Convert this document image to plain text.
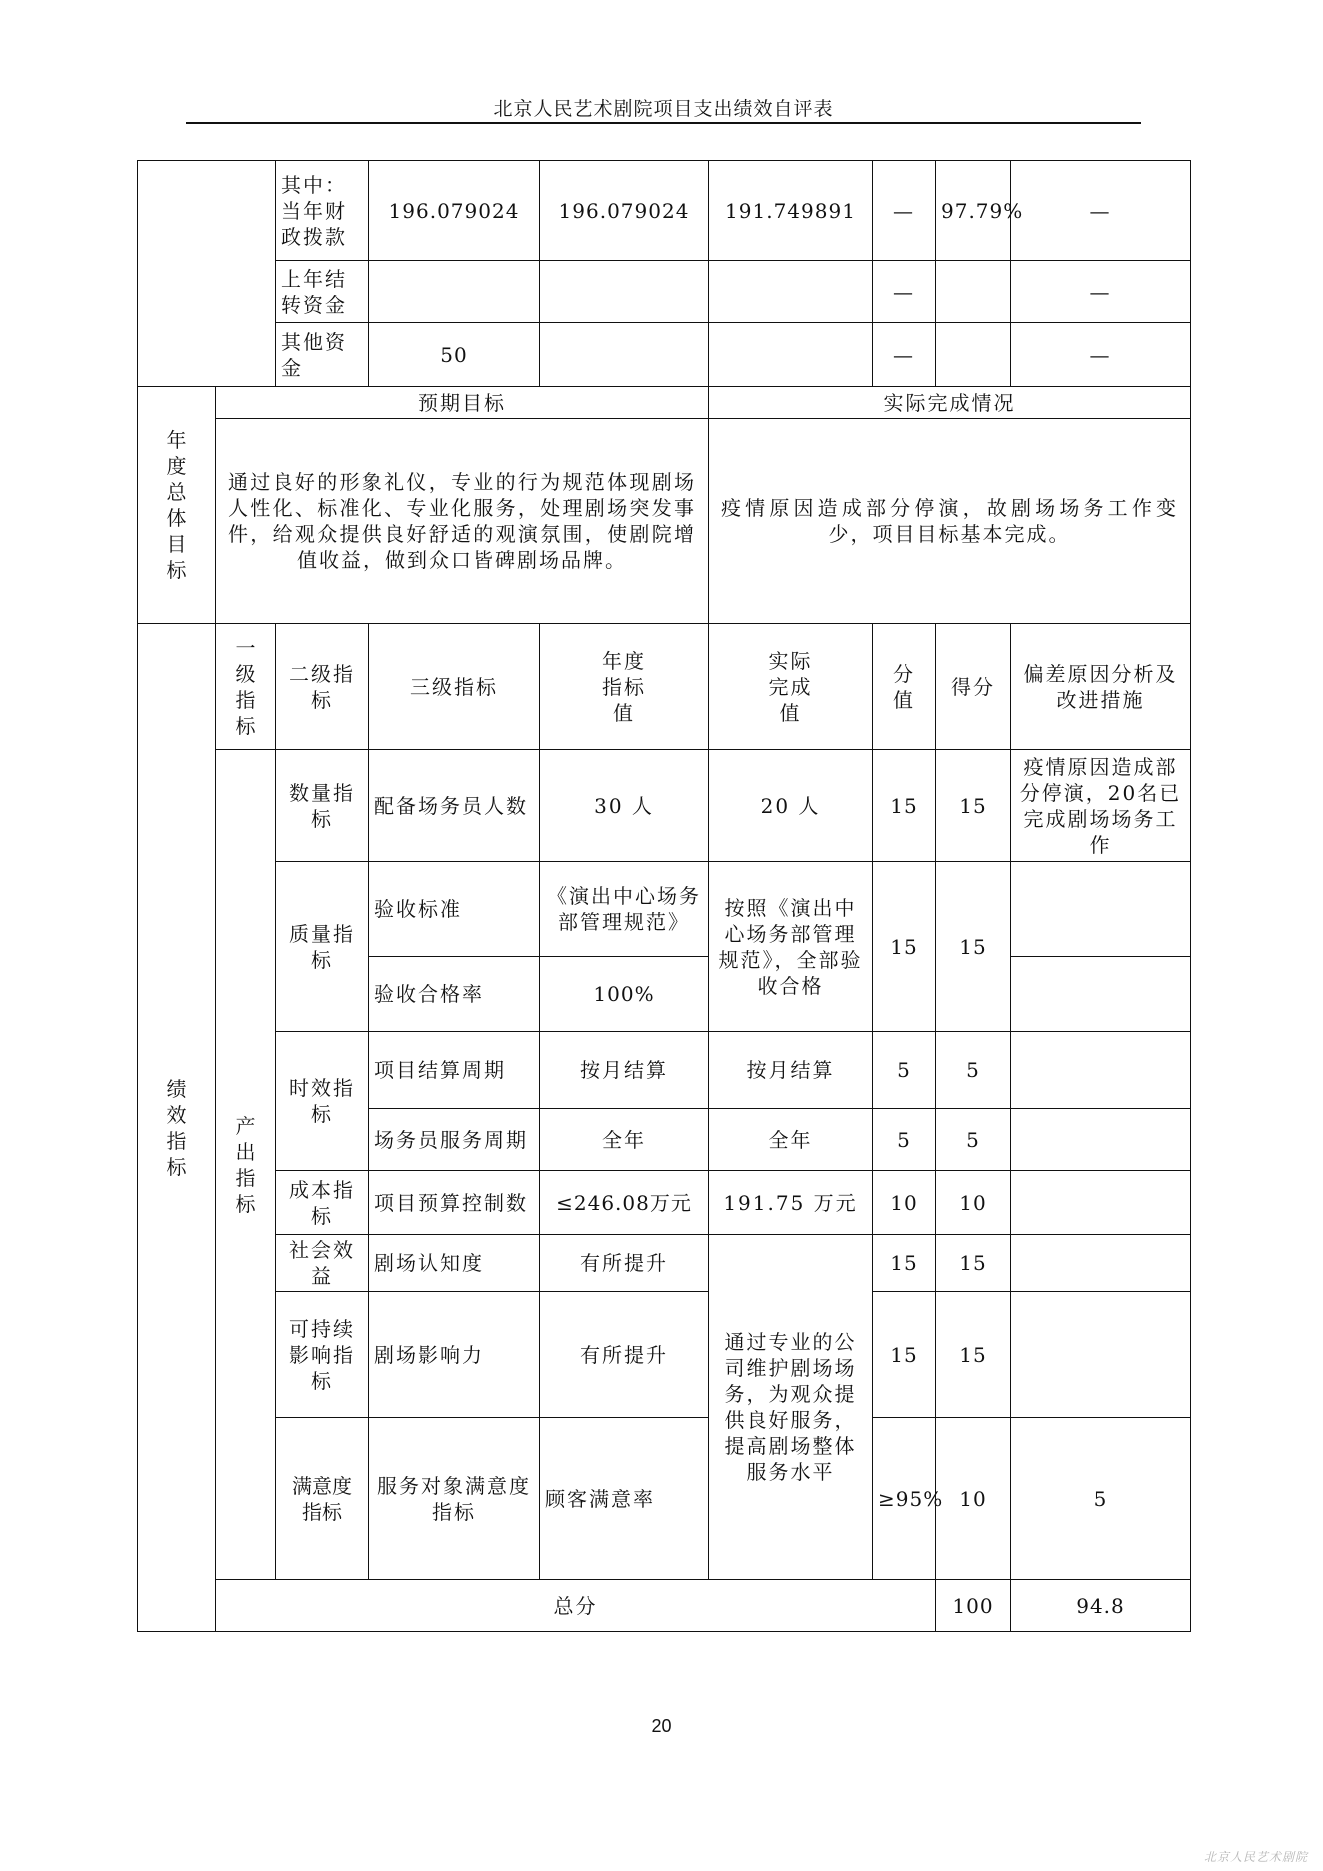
北京人民艺术剧院项目支出绩效自评表
		其中：当年财政拨款	196.079024	196.079024	191.749891	—	97.79%	—	
		上年结转资金				—		—	
		其他资金	50			—		—	
年度总体目标	预期目标				实际完成情况				
	通过良好的形象礼仪，专业的行为规范体现剧场人性化、标准化、专业化服务，处理剧场突发事件，给观众提供良好舒适的观演氛围，使剧院增值收益，做到众口皆碑剧场品牌。				疫情原因造成部分停演，故剧场场务工作变少，项目目标基本完成。				
绩效指标	一级指标	二级指标	三级指标	年度指标值	实际完成值	分值	得分	偏差原因分析及改进措施	
	产出指标	数量指标	配备场务员人数	30 人	20 人	15	15	疫情原因造成部分停演，20名已完成剧场场务工作	
		质量指标	验收标准	《演出中心场务部管理规范》	按照《演出中心场务部管理规范》，全部验收合格	15	15		
			验收合格率	100%					
		时效指标	项目结算周期	按月结算	按月结算	5	5		
			场务员服务周期	全年	全年	5	5		
		成本指标	项目预算控制数	≤246.08万元	191.75 万元	10	10		
		社会效益	剧场认知度	有所提升	通过专业的公司维护剧场场务，为观众提供良好服务，提高剧场整体服务水平	15	15		
		可持续影响指标	剧场影响力	有所提升		15	15		
		满意度指标	服务对象满意度指标	顾客满意率		≥95%	10	5	
	总分						100	94.8	
20
北京人民艺术剧院
